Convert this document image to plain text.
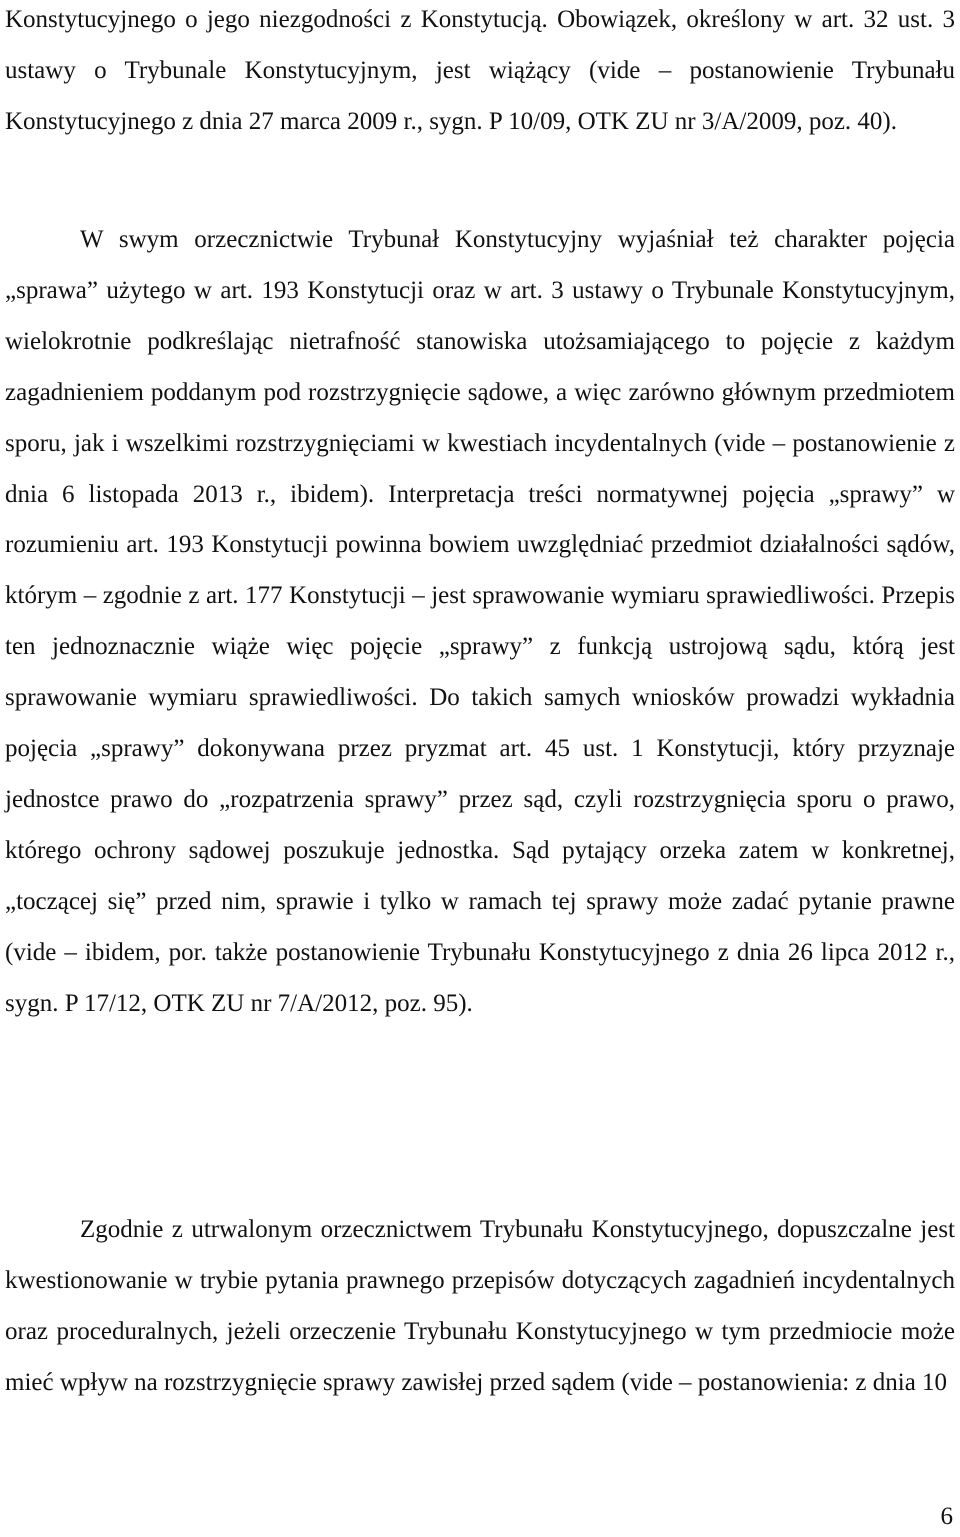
Konstytucyjnego o jego niezgodności z Konstytucją. Obowiązek, określony w art. 32 ust. 3 ustawy o Trybunale Konstytucyjnym, jest wiążący (vide – postanowienie Trybunału Konstytucyjnego z dnia 27 marca 2009 r., sygn. P 10/09, OTK ZU nr 3/A/2009, poz. 40).

W swym orzecznictwie Trybunał Konstytucyjny wyjaśniał też charakter pojęcia „sprawa” użytego w art. 193 Konstytucji oraz w art. 3 ustawy o Trybunale Konstytucyjnym, wielokrotnie podkreślając nietrafność stanowiska utożsamiającego to pojęcie z każdym zagadnieniem poddanym pod rozstrzygnięcie sądowe, a więc zarówno głównym przedmiotem sporu, jak i wszelkimi rozstrzygnięciami w kwestiach incydentalnych (vide – postanowienie z dnia 6 listopada 2013 r., ibidem). Interpretacja treści normatywnej pojęcia „sprawy” w rozumieniu art. 193 Konstytucji powinna bowiem uwzględniać przedmiot działalności sądów, którym – zgodnie z art. 177 Konstytucji – jest sprawowanie wymiaru sprawiedliwości. Przepis ten jednoznacznie wiąże więc pojęcie „sprawy” z funkcją ustrojową sądu, którą jest sprawowanie wymiaru sprawiedliwości. Do takich samych wniosków prowadzi wykładnia pojęcia „sprawy” dokonywana przez pryzmat art. 45 ust. 1 Konstytucji, który przyznaje jednostce prawo do „rozpatrzenia sprawy” przez sąd, czyli rozstrzygnięcia sporu o prawo, którego ochrony sądowej poszukuje jednostka. Sąd pytający orzeka zatem w konkretnej, „toczącej się” przed nim, sprawie i tylko w ramach tej sprawy może zadać pytanie prawne (vide – ibidem, por. także postanowienie Trybunału Konstytucyjnego z dnia 26 lipca 2012 r., sygn. P 17/12, OTK ZU nr 7/A/2012, poz. 95).

Zgodnie z utrwalonym orzecznictwem Trybunału Konstytucyjnego, dopuszczalne jest kwestionowanie w trybie pytania prawnego przepisów dotyczących zagadnień incydentalnych oraz proceduralnych, jeżeli orzeczenie Trybunału Konstytucyjnego w tym przedmiocie może mieć wpływ na rozstrzygnięcie sprawy zawisłej przed sądem (vide – postanowienia: z dnia 10

6
